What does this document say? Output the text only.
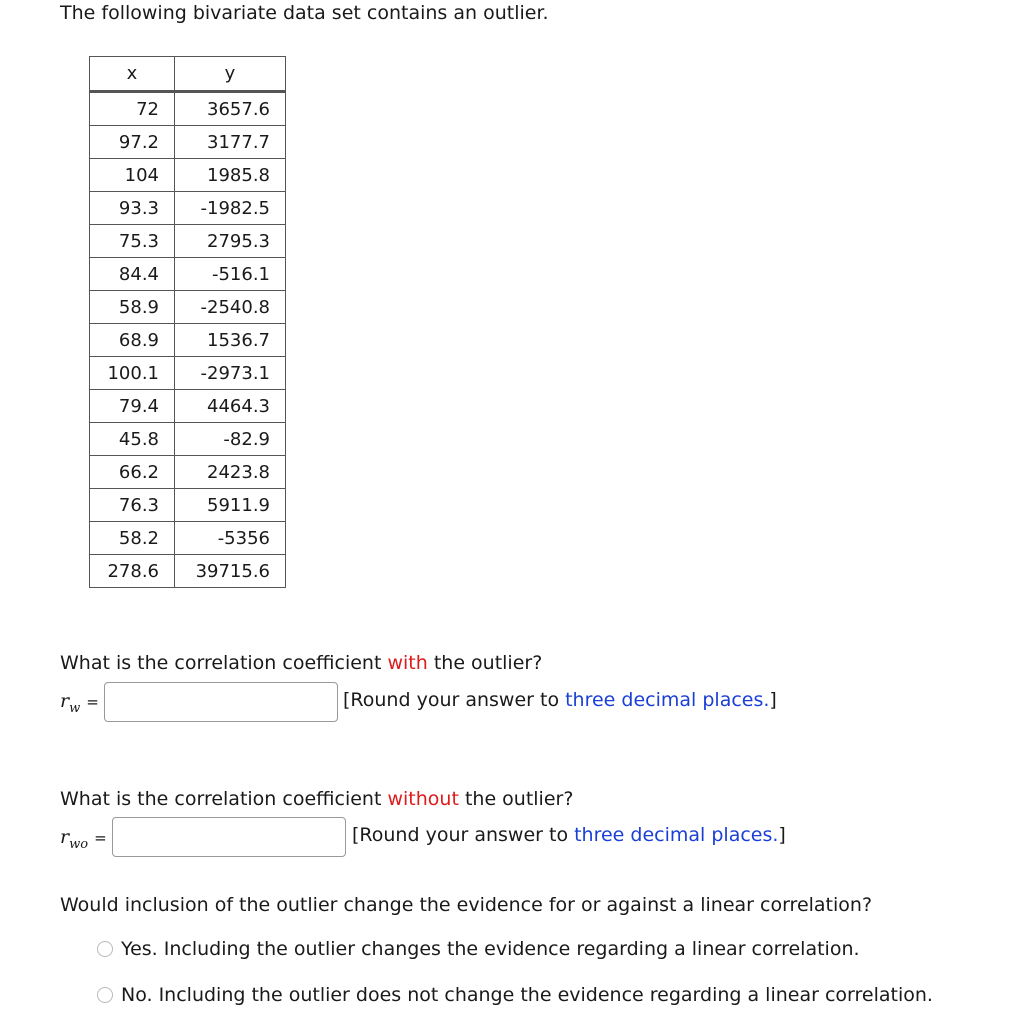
The following bivariate data set contains an outlier.
x	y
72	3657.6
97.2	3177.7
104	1985.8
93.3	-1982.5
75.3	2795.3
84.4	-516.1
58.9	-2540.8
68.9	1536.7
100.1	-2973.1
79.4	4464.3
45.8	-82.9
66.2	2423.8
76.3	5911.9
58.2	-5356
278.6	39715.6
What is the correlation coefficient with the outlier?
$r_w$ =	[Round your answer to three decimal places.]
What is the correlation coefficient without the outlier?
$r_{wo}$ =	[Round your answer to three decimal places.]
Would inclusion of the outlier change the evidence for or against a linear correlation?
Yes. Including the outlier changes the evidence regarding a linear correlation.
No. Including the outlier does not change the evidence regarding a linear correlation.
